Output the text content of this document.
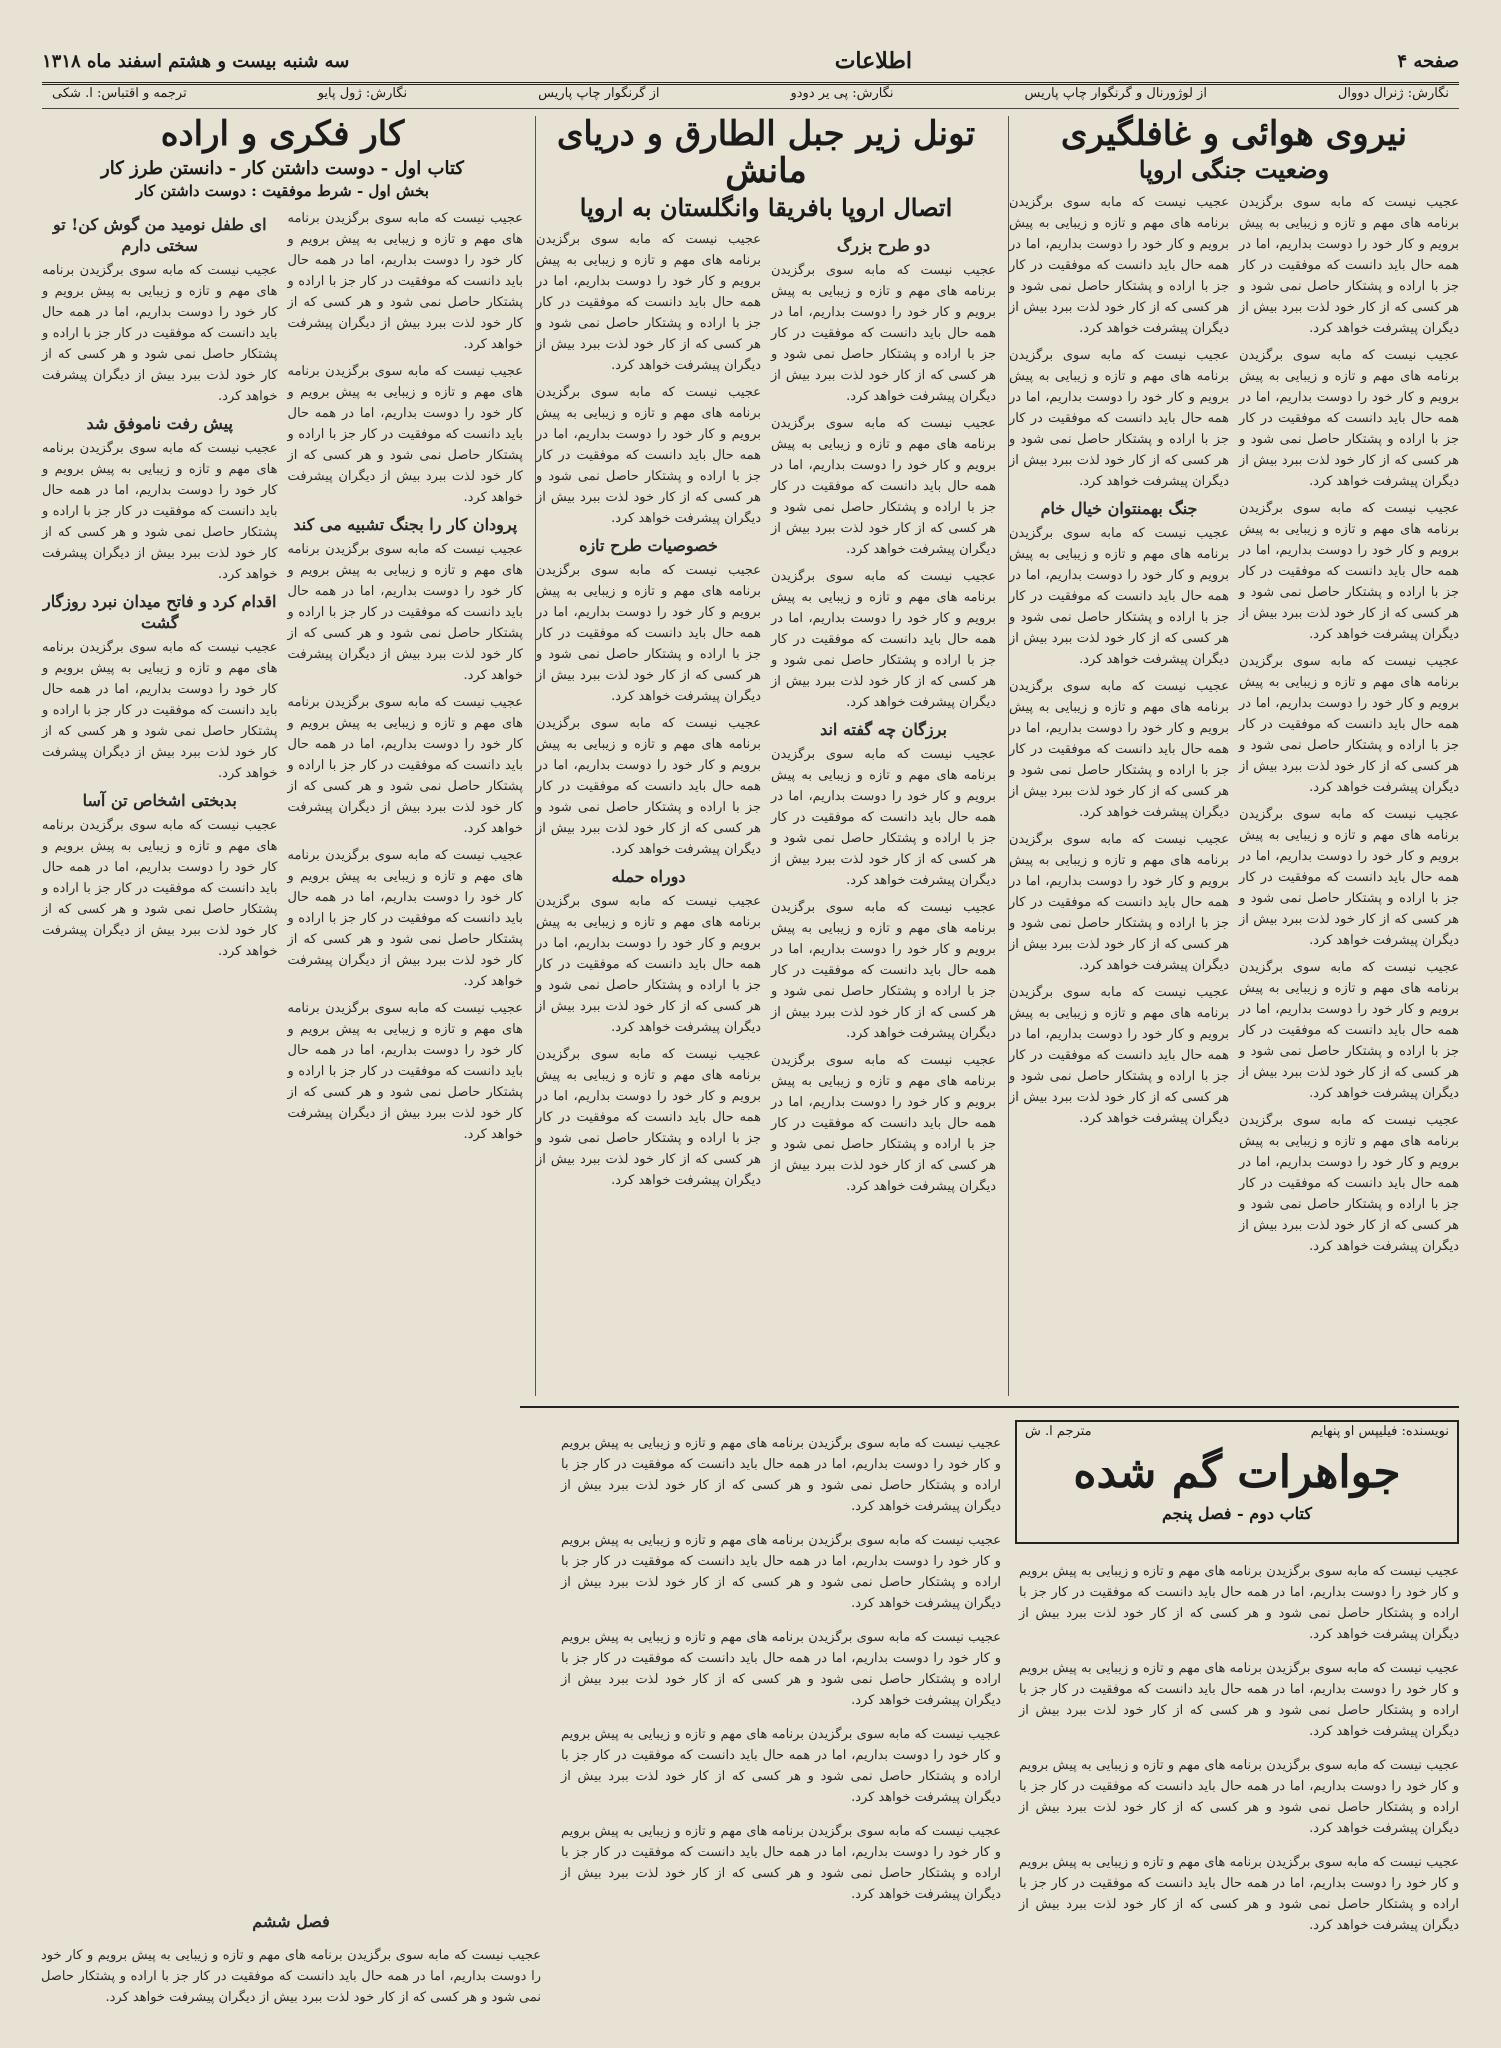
صفحه ۴
اطلاعات
سه شنبه بیست و هشتم اسفند ماه ۱۳۱۸
نگارش: ژنرال دووال
از لوژورنال و گرنگوار چاپ پاریس
نگارش: پی یر دودو
از گرنگوار چاپ پاریس
نگارش: ژول پایو
ترجمه و اقتباس: ا. شکی
نیروی هوائی و غافلگیری
وضعیت جنگی اروپا

عجیب نیست که مابه سوی برگزیدن برنامه های مهم و تازه و زیبایی به پیش برویم و کار خود را دوست بداریم، اما در همه حال باید دانست که موفقیت در کار جز با اراده و پشتکار حاصل نمی شود و هر کسی که از کار خود لذت ببرد بیش از دیگران پیشرفت خواهد کرد.

عجیب نیست که مابه سوی برگزیدن برنامه های مهم و تازه و زیبایی به پیش برویم و کار خود را دوست بداریم، اما در همه حال باید دانست که موفقیت در کار جز با اراده و پشتکار حاصل نمی شود و هر کسی که از کار خود لذت ببرد بیش از دیگران پیشرفت خواهد کرد.

عجیب نیست که مابه سوی برگزیدن برنامه های مهم و تازه و زیبایی به پیش برویم و کار خود را دوست بداریم، اما در همه حال باید دانست که موفقیت در کار جز با اراده و پشتکار حاصل نمی شود و هر کسی که از کار خود لذت ببرد بیش از دیگران پیشرفت خواهد کرد.

عجیب نیست که مابه سوی برگزیدن برنامه های مهم و تازه و زیبایی به پیش برویم و کار خود را دوست بداریم، اما در همه حال باید دانست که موفقیت در کار جز با اراده و پشتکار حاصل نمی شود و هر کسی که از کار خود لذت ببرد بیش از دیگران پیشرفت خواهد کرد.

عجیب نیست که مابه سوی برگزیدن برنامه های مهم و تازه و زیبایی به پیش برویم و کار خود را دوست بداریم، اما در همه حال باید دانست که موفقیت در کار جز با اراده و پشتکار حاصل نمی شود و هر کسی که از کار خود لذت ببرد بیش از دیگران پیشرفت خواهد کرد.

عجیب نیست که مابه سوی برگزیدن برنامه های مهم و تازه و زیبایی به پیش برویم و کار خود را دوست بداریم، اما در همه حال باید دانست که موفقیت در کار جز با اراده و پشتکار حاصل نمی شود و هر کسی که از کار خود لذت ببرد بیش از دیگران پیشرفت خواهد کرد.

عجیب نیست که مابه سوی برگزیدن برنامه های مهم و تازه و زیبایی به پیش برویم و کار خود را دوست بداریم، اما در همه حال باید دانست که موفقیت در کار جز با اراده و پشتکار حاصل نمی شود و هر کسی که از کار خود لذت ببرد بیش از دیگران پیشرفت خواهد کرد.

عجیب نیست که مابه سوی برگزیدن برنامه های مهم و تازه و زیبایی به پیش برویم و کار خود را دوست بداریم، اما در همه حال باید دانست که موفقیت در کار جز با اراده و پشتکار حاصل نمی شود و هر کسی که از کار خود لذت ببرد بیش از دیگران پیشرفت خواهد کرد.

عجیب نیست که مابه سوی برگزیدن برنامه های مهم و تازه و زیبایی به پیش برویم و کار خود را دوست بداریم، اما در همه حال باید دانست که موفقیت در کار جز با اراده و پشتکار حاصل نمی شود و هر کسی که از کار خود لذت ببرد بیش از دیگران پیشرفت خواهد کرد.

جنگ بهمنتوان خیال خام

عجیب نیست که مابه سوی برگزیدن برنامه های مهم و تازه و زیبایی به پیش برویم و کار خود را دوست بداریم، اما در همه حال باید دانست که موفقیت در کار جز با اراده و پشتکار حاصل نمی شود و هر کسی که از کار خود لذت ببرد بیش از دیگران پیشرفت خواهد کرد.

عجیب نیست که مابه سوی برگزیدن برنامه های مهم و تازه و زیبایی به پیش برویم و کار خود را دوست بداریم، اما در همه حال باید دانست که موفقیت در کار جز با اراده و پشتکار حاصل نمی شود و هر کسی که از کار خود لذت ببرد بیش از دیگران پیشرفت خواهد کرد.

عجیب نیست که مابه سوی برگزیدن برنامه های مهم و تازه و زیبایی به پیش برویم و کار خود را دوست بداریم، اما در همه حال باید دانست که موفقیت در کار جز با اراده و پشتکار حاصل نمی شود و هر کسی که از کار خود لذت ببرد بیش از دیگران پیشرفت خواهد کرد.

عجیب نیست که مابه سوی برگزیدن برنامه های مهم و تازه و زیبایی به پیش برویم و کار خود را دوست بداریم، اما در همه حال باید دانست که موفقیت در کار جز با اراده و پشتکار حاصل نمی شود و هر کسی که از کار خود لذت ببرد بیش از دیگران پیشرفت خواهد کرد.

تونل زیر جبل الطارق و دریای مانش
اتصال اروپا بافریقا وانگلستان به اروپا
دو طرح بزرگ

عجیب نیست که مابه سوی برگزیدن برنامه های مهم و تازه و زیبایی به پیش برویم و کار خود را دوست بداریم، اما در همه حال باید دانست که موفقیت در کار جز با اراده و پشتکار حاصل نمی شود و هر کسی که از کار خود لذت ببرد بیش از دیگران پیشرفت خواهد کرد.

عجیب نیست که مابه سوی برگزیدن برنامه های مهم و تازه و زیبایی به پیش برویم و کار خود را دوست بداریم، اما در همه حال باید دانست که موفقیت در کار جز با اراده و پشتکار حاصل نمی شود و هر کسی که از کار خود لذت ببرد بیش از دیگران پیشرفت خواهد کرد.

عجیب نیست که مابه سوی برگزیدن برنامه های مهم و تازه و زیبایی به پیش برویم و کار خود را دوست بداریم، اما در همه حال باید دانست که موفقیت در کار جز با اراده و پشتکار حاصل نمی شود و هر کسی که از کار خود لذت ببرد بیش از دیگران پیشرفت خواهد کرد.

برزگان چه گفته اند

عجیب نیست که مابه سوی برگزیدن برنامه های مهم و تازه و زیبایی به پیش برویم و کار خود را دوست بداریم، اما در همه حال باید دانست که موفقیت در کار جز با اراده و پشتکار حاصل نمی شود و هر کسی که از کار خود لذت ببرد بیش از دیگران پیشرفت خواهد کرد.

عجیب نیست که مابه سوی برگزیدن برنامه های مهم و تازه و زیبایی به پیش برویم و کار خود را دوست بداریم، اما در همه حال باید دانست که موفقیت در کار جز با اراده و پشتکار حاصل نمی شود و هر کسی که از کار خود لذت ببرد بیش از دیگران پیشرفت خواهد کرد.

عجیب نیست که مابه سوی برگزیدن برنامه های مهم و تازه و زیبایی به پیش برویم و کار خود را دوست بداریم، اما در همه حال باید دانست که موفقیت در کار جز با اراده و پشتکار حاصل نمی شود و هر کسی که از کار خود لذت ببرد بیش از دیگران پیشرفت خواهد کرد.

عجیب نیست که مابه سوی برگزیدن برنامه های مهم و تازه و زیبایی به پیش برویم و کار خود را دوست بداریم، اما در همه حال باید دانست که موفقیت در کار جز با اراده و پشتکار حاصل نمی شود و هر کسی که از کار خود لذت ببرد بیش از دیگران پیشرفت خواهد کرد.

عجیب نیست که مابه سوی برگزیدن برنامه های مهم و تازه و زیبایی به پیش برویم و کار خود را دوست بداریم، اما در همه حال باید دانست که موفقیت در کار جز با اراده و پشتکار حاصل نمی شود و هر کسی که از کار خود لذت ببرد بیش از دیگران پیشرفت خواهد کرد.

خصوصیات طرح تازه

عجیب نیست که مابه سوی برگزیدن برنامه های مهم و تازه و زیبایی به پیش برویم و کار خود را دوست بداریم، اما در همه حال باید دانست که موفقیت در کار جز با اراده و پشتکار حاصل نمی شود و هر کسی که از کار خود لذت ببرد بیش از دیگران پیشرفت خواهد کرد.

عجیب نیست که مابه سوی برگزیدن برنامه های مهم و تازه و زیبایی به پیش برویم و کار خود را دوست بداریم، اما در همه حال باید دانست که موفقیت در کار جز با اراده و پشتکار حاصل نمی شود و هر کسی که از کار خود لذت ببرد بیش از دیگران پیشرفت خواهد کرد.

دوراه حمله

عجیب نیست که مابه سوی برگزیدن برنامه های مهم و تازه و زیبایی به پیش برویم و کار خود را دوست بداریم، اما در همه حال باید دانست که موفقیت در کار جز با اراده و پشتکار حاصل نمی شود و هر کسی که از کار خود لذت ببرد بیش از دیگران پیشرفت خواهد کرد.

عجیب نیست که مابه سوی برگزیدن برنامه های مهم و تازه و زیبایی به پیش برویم و کار خود را دوست بداریم، اما در همه حال باید دانست که موفقیت در کار جز با اراده و پشتکار حاصل نمی شود و هر کسی که از کار خود لذت ببرد بیش از دیگران پیشرفت خواهد کرد.

کار فکری و اراده
کتاب اول - دوست داشتن کار - دانستن طرز کار
بخش اول - شرط موفقیت : دوست داشتن کار

عجیب نیست که مابه سوی برگزیدن برنامه های مهم و تازه و زیبایی به پیش برویم و کار خود را دوست بداریم، اما در همه حال باید دانست که موفقیت در کار جز با اراده و پشتکار حاصل نمی شود و هر کسی که از کار خود لذت ببرد بیش از دیگران پیشرفت خواهد کرد.

عجیب نیست که مابه سوی برگزیدن برنامه های مهم و تازه و زیبایی به پیش برویم و کار خود را دوست بداریم، اما در همه حال باید دانست که موفقیت در کار جز با اراده و پشتکار حاصل نمی شود و هر کسی که از کار خود لذت ببرد بیش از دیگران پیشرفت خواهد کرد.

پرودان کار را بجنگ تشبیه می کند

عجیب نیست که مابه سوی برگزیدن برنامه های مهم و تازه و زیبایی به پیش برویم و کار خود را دوست بداریم، اما در همه حال باید دانست که موفقیت در کار جز با اراده و پشتکار حاصل نمی شود و هر کسی که از کار خود لذت ببرد بیش از دیگران پیشرفت خواهد کرد.

عجیب نیست که مابه سوی برگزیدن برنامه های مهم و تازه و زیبایی به پیش برویم و کار خود را دوست بداریم، اما در همه حال باید دانست که موفقیت در کار جز با اراده و پشتکار حاصل نمی شود و هر کسی که از کار خود لذت ببرد بیش از دیگران پیشرفت خواهد کرد.

عجیب نیست که مابه سوی برگزیدن برنامه های مهم و تازه و زیبایی به پیش برویم و کار خود را دوست بداریم، اما در همه حال باید دانست که موفقیت در کار جز با اراده و پشتکار حاصل نمی شود و هر کسی که از کار خود لذت ببرد بیش از دیگران پیشرفت خواهد کرد.

عجیب نیست که مابه سوی برگزیدن برنامه های مهم و تازه و زیبایی به پیش برویم و کار خود را دوست بداریم، اما در همه حال باید دانست که موفقیت در کار جز با اراده و پشتکار حاصل نمی شود و هر کسی که از کار خود لذت ببرد بیش از دیگران پیشرفت خواهد کرد.

ای طفل نومید من گوش کن! تو سختی دارم

عجیب نیست که مابه سوی برگزیدن برنامه های مهم و تازه و زیبایی به پیش برویم و کار خود را دوست بداریم، اما در همه حال باید دانست که موفقیت در کار جز با اراده و پشتکار حاصل نمی شود و هر کسی که از کار خود لذت ببرد بیش از دیگران پیشرفت خواهد کرد.

پیش رفت ناموفق شد

عجیب نیست که مابه سوی برگزیدن برنامه های مهم و تازه و زیبایی به پیش برویم و کار خود را دوست بداریم، اما در همه حال باید دانست که موفقیت در کار جز با اراده و پشتکار حاصل نمی شود و هر کسی که از کار خود لذت ببرد بیش از دیگران پیشرفت خواهد کرد.

اقدام کرد و فاتح میدان نبرد روزگار گشت

عجیب نیست که مابه سوی برگزیدن برنامه های مهم و تازه و زیبایی به پیش برویم و کار خود را دوست بداریم، اما در همه حال باید دانست که موفقیت در کار جز با اراده و پشتکار حاصل نمی شود و هر کسی که از کار خود لذت ببرد بیش از دیگران پیشرفت خواهد کرد.

بدبختی اشخاص تن آسا

عجیب نیست که مابه سوی برگزیدن برنامه های مهم و تازه و زیبایی به پیش برویم و کار خود را دوست بداریم، اما در همه حال باید دانست که موفقیت در کار جز با اراده و پشتکار حاصل نمی شود و هر کسی که از کار خود لذت ببرد بیش از دیگران پیشرفت خواهد کرد.

نویسنده: فیلیپس او پنهایم
مترجم ا. ش
جواهرات گم شده
کتاب دوم - فصل پنجم

عجیب نیست که مابه سوی برگزیدن برنامه های مهم و تازه و زیبایی به پیش برویم و کار خود را دوست بداریم، اما در همه حال باید دانست که موفقیت در کار جز با اراده و پشتکار حاصل نمی شود و هر کسی که از کار خود لذت ببرد بیش از دیگران پیشرفت خواهد کرد.

عجیب نیست که مابه سوی برگزیدن برنامه های مهم و تازه و زیبایی به پیش برویم و کار خود را دوست بداریم، اما در همه حال باید دانست که موفقیت در کار جز با اراده و پشتکار حاصل نمی شود و هر کسی که از کار خود لذت ببرد بیش از دیگران پیشرفت خواهد کرد.

عجیب نیست که مابه سوی برگزیدن برنامه های مهم و تازه و زیبایی به پیش برویم و کار خود را دوست بداریم، اما در همه حال باید دانست که موفقیت در کار جز با اراده و پشتکار حاصل نمی شود و هر کسی که از کار خود لذت ببرد بیش از دیگران پیشرفت خواهد کرد.

عجیب نیست که مابه سوی برگزیدن برنامه های مهم و تازه و زیبایی به پیش برویم و کار خود را دوست بداریم، اما در همه حال باید دانست که موفقیت در کار جز با اراده و پشتکار حاصل نمی شود و هر کسی که از کار خود لذت ببرد بیش از دیگران پیشرفت خواهد کرد.

عجیب نیست که مابه سوی برگزیدن برنامه های مهم و تازه و زیبایی به پیش برویم و کار خود را دوست بداریم، اما در همه حال باید دانست که موفقیت در کار جز با اراده و پشتکار حاصل نمی شود و هر کسی که از کار خود لذت ببرد بیش از دیگران پیشرفت خواهد کرد.

عجیب نیست که مابه سوی برگزیدن برنامه های مهم و تازه و زیبایی به پیش برویم و کار خود را دوست بداریم، اما در همه حال باید دانست که موفقیت در کار جز با اراده و پشتکار حاصل نمی شود و هر کسی که از کار خود لذت ببرد بیش از دیگران پیشرفت خواهد کرد.

عجیب نیست که مابه سوی برگزیدن برنامه های مهم و تازه و زیبایی به پیش برویم و کار خود را دوست بداریم، اما در همه حال باید دانست که موفقیت در کار جز با اراده و پشتکار حاصل نمی شود و هر کسی که از کار خود لذت ببرد بیش از دیگران پیشرفت خواهد کرد.

عجیب نیست که مابه سوی برگزیدن برنامه های مهم و تازه و زیبایی به پیش برویم و کار خود را دوست بداریم، اما در همه حال باید دانست که موفقیت در کار جز با اراده و پشتکار حاصل نمی شود و هر کسی که از کار خود لذت ببرد بیش از دیگران پیشرفت خواهد کرد.

عجیب نیست که مابه سوی برگزیدن برنامه های مهم و تازه و زیبایی به پیش برویم و کار خود را دوست بداریم، اما در همه حال باید دانست که موفقیت در کار جز با اراده و پشتکار حاصل نمی شود و هر کسی که از کار خود لذت ببرد بیش از دیگران پیشرفت خواهد کرد.

فصل ششم

عجیب نیست که مابه سوی برگزیدن برنامه های مهم و تازه و زیبایی به پیش برویم و کار خود را دوست بداریم، اما در همه حال باید دانست که موفقیت در کار جز با اراده و پشتکار حاصل نمی شود و هر کسی که از کار خود لذت ببرد بیش از دیگران پیشرفت خواهد کرد.
